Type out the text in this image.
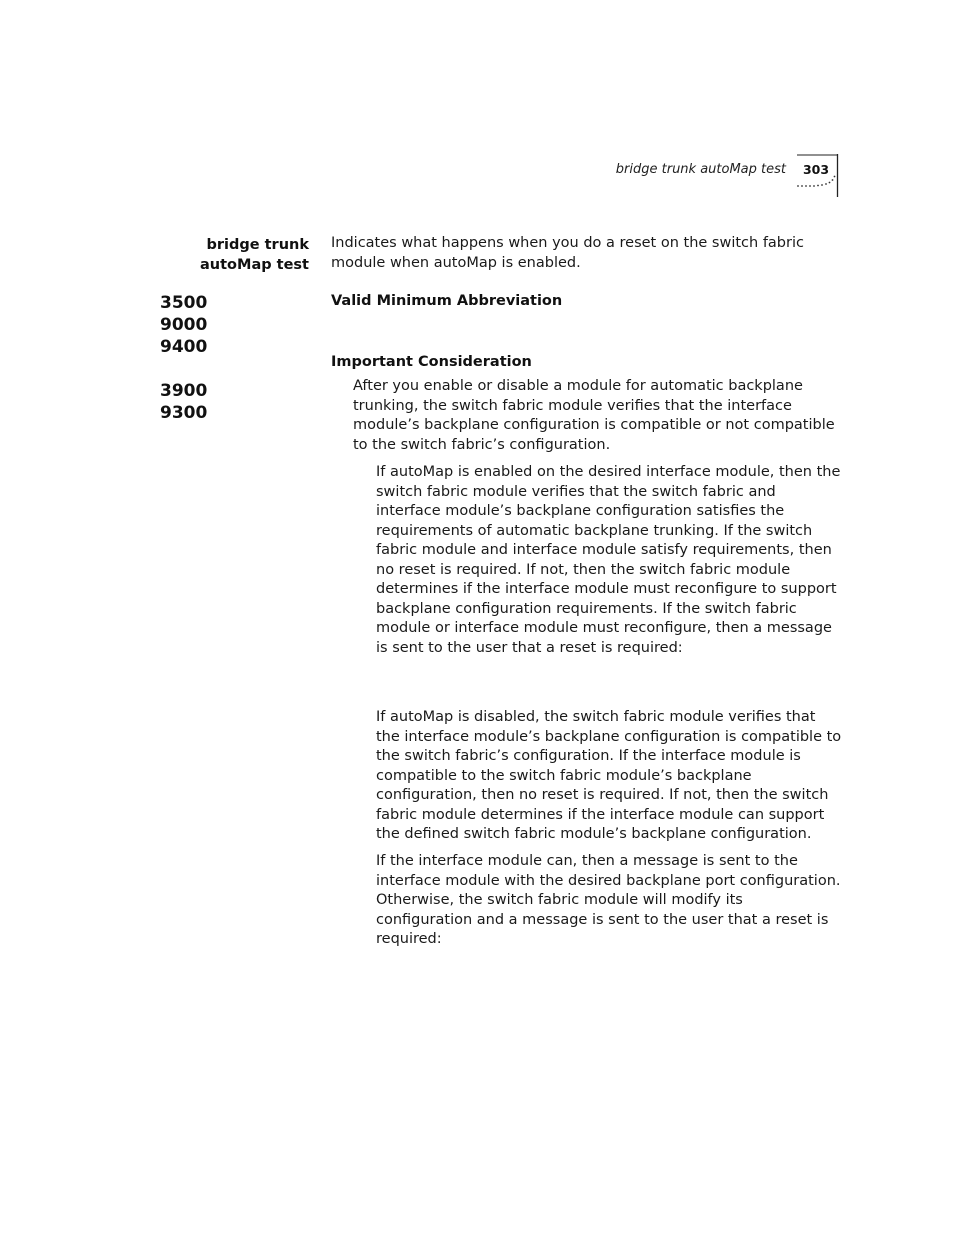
bridge trunk autoMap test	303
bridge trunk
autoMap test
3500
9000
9400
3900
9300

Indicates what happens when you do a reset on the switch fabric module when autoMap is enabled.

Valid Minimum Abbreviation
Important Consideration

After you enable or disable a module for automatic backplane trunking, the switch fabric module verifies that the interface module’s backplane configuration is compatible or not compatible to the switch fabric’s configuration.

If autoMap is enabled on the desired interface module, then the switch fabric module verifies that the switch fabric and interface module’s backplane configuration satisfies the requirements of automatic backplane trunking. If the switch fabric module and interface module satisfy requirements, then no reset is required. If not, then the switch fabric module determines if the interface module must reconfigure to support backplane configuration requirements. If the switch fabric module or interface module must reconfigure, then a message is sent to the user that a reset is required:

If autoMap is disabled, the switch fabric module verifies that the interface module’s backplane configuration is compatible to the switch fabric’s configuration. If the interface module is compatible to the switch fabric module’s backplane configuration, then no reset is required. If not, then the switch fabric module determines if the interface module can support the defined switch fabric module’s backplane configuration.

If the interface module can, then a message is sent to the interface module with the desired backplane port configuration. Otherwise, the switch fabric module will modify its configuration and a message is sent to the user that a reset is required:
